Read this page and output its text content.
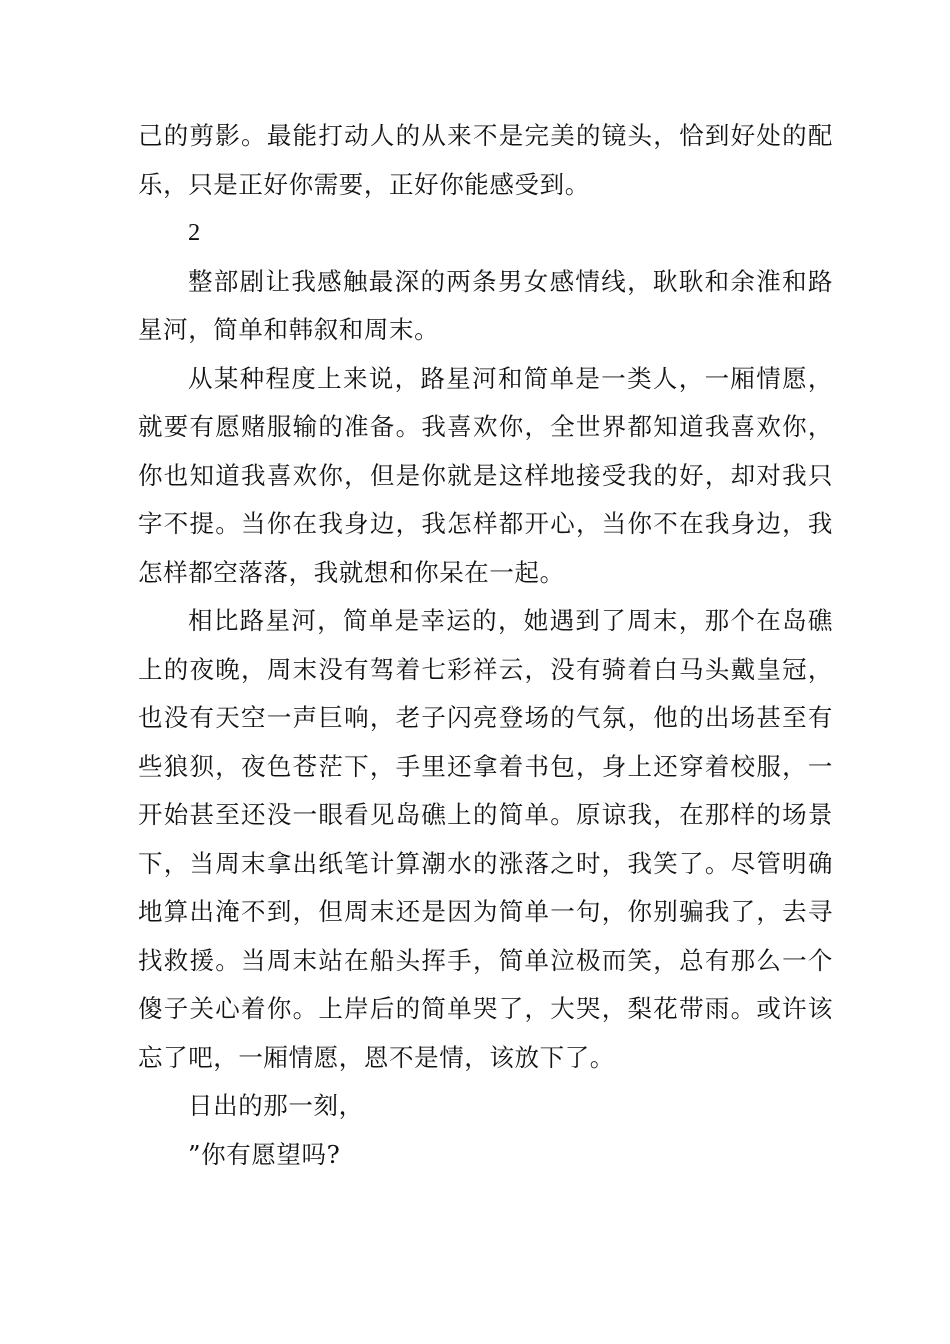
己的剪影。最能打动人的从来不是完美的镜头，恰到好处的配乐，只是正好你需要，正好你能感受到。

2

整部剧让我感触最深的两条男女感情线，耿耿和余淮和路星河，简单和韩叙和周末。

从某种程度上来说，路星河和简单是一类人，一厢情愿，就要有愿赌服输的准备。我喜欢你，全世界都知道我喜欢你，你也知道我喜欢你，但是你就是这样地接受我的好，却对我只字不提。当你在我身边，我怎样都开心，当你不在我身边，我怎样都空落落，我就想和你呆在一起。

相比路星河，简单是幸运的，她遇到了周末，那个在岛礁上的夜晚，周末没有驾着七彩祥云，没有骑着白马头戴皇冠，也没有天空一声巨响，老子闪亮登场的气氛，他的出场甚至有些狼狈，夜色苍茫下，手里还拿着书包，身上还穿着校服，一开始甚至还没一眼看见岛礁上的简单。原谅我，在那样的场景下，当周末拿出纸笔计算潮水的涨落之时，我笑了。尽管明确地算出淹不到，但周末还是因为简单一句，你别骗我了，去寻找救援。当周末站在船头挥手，简单泣极而笑，总有那么一个傻子关心着你。上岸后的简单哭了，大哭，梨花带雨。或许该忘了吧，一厢情愿，恩不是情，该放下了。

日出的那一刻，

”你有愿望吗?
